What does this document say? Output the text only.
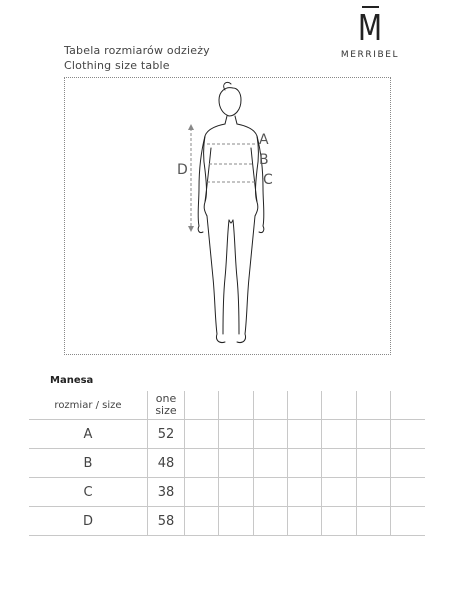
Tabela rozmiarów odzieży
Clothing size table
M
MERRIBEL
A
B
C
D
Manesa
rozmiar / size	one size							
A	52							
B	48							
C	38							
D	58							
